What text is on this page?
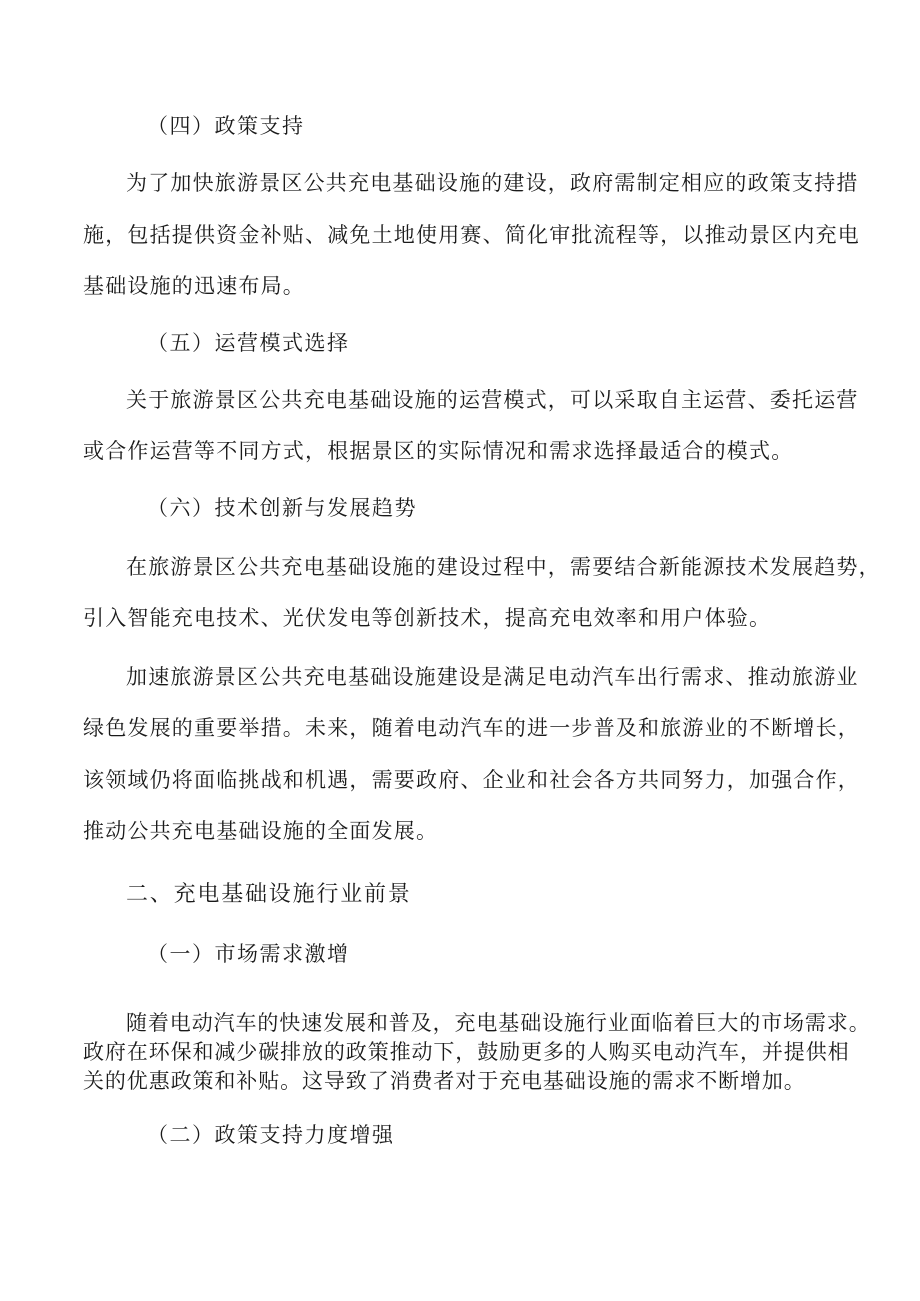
（四）政策支持
为了加快旅游景区公共充电基础设施的建设，政府需制定相应的政策支持措
施，包括提供资金补贴、减免土地使用赛、简化审批流程等，以推动景区内充电
基础设施的迅速布局。
（五）运营模式选择
关于旅游景区公共充电基础设施的运营模式，可以采取自主运营、委托运营
或合作运营等不同方式，根据景区的实际情况和需求选择最适合的模式。
（六）技术创新与发展趋势
在旅游景区公共充电基础设施的建设过程中，需要结合新能源技术发展趋势，
引入智能充电技术、光伏发电等创新技术，提高充电效率和用户体验。
加速旅游景区公共充电基础设施建设是满足电动汽车出行需求、推动旅游业
绿色发展的重要举措。未来，随着电动汽车的进一步普及和旅游业的不断增长，
该领域仍将面临挑战和机遇，需要政府、企业和社会各方共同努力，加强合作，
推动公共充电基础设施的全面发展。
二、充电基础设施行业前景
（一）市场需求激增
随着电动汽车的快速发展和普及，充电基础设施行业面临着巨大的市场需求。
政府在环保和减少碳排放的政策推动下，鼓励更多的人购买电动汽车，并提供相
关的优惠政策和补贴。这导致了消费者对于充电基础设施的需求不断增加。
（二）政策支持力度增强
